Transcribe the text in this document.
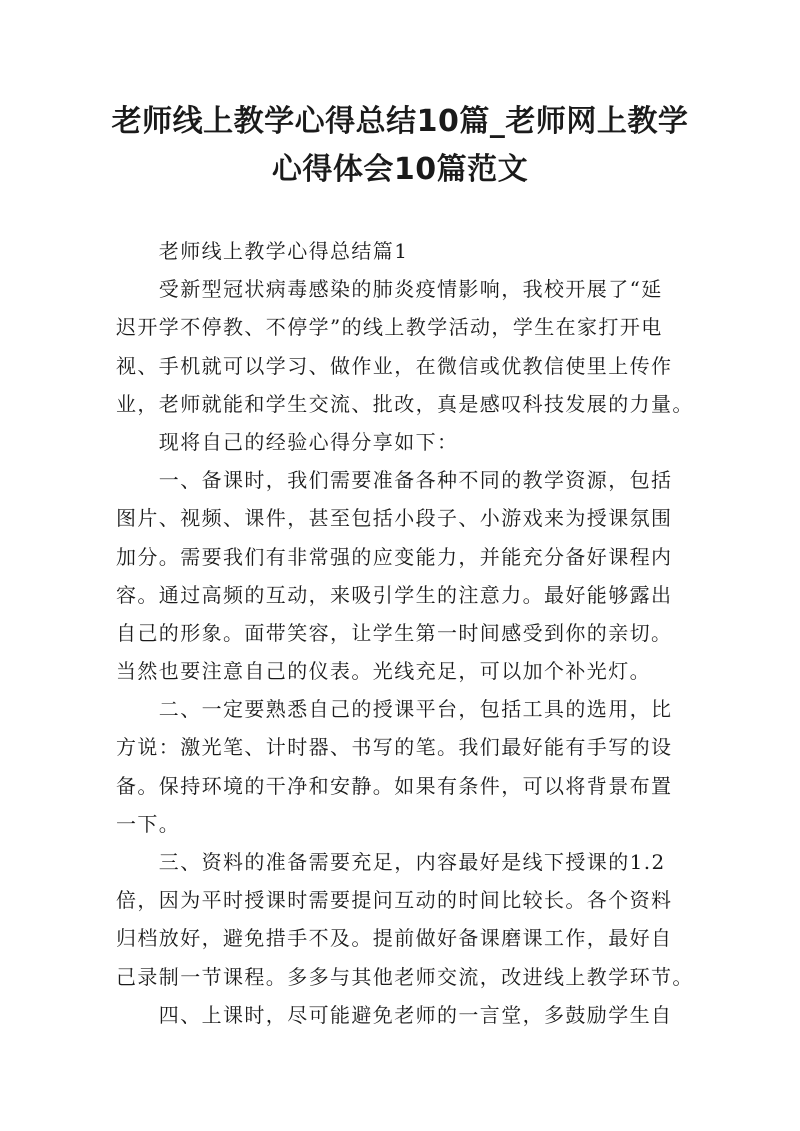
老师线上教学心得总结10篇_老师网上教学
心得体会10篇范文
　　老师线上教学心得总结篇1
　　受新型冠状病毒感染的肺炎疫情影响，我校开展了“延
迟开学不停教、不停学”的线上教学活动，学生在家打开电
视、手机就可以学习、做作业，在微信或优教信使里上传作
业，老师就能和学生交流、批改，真是感叹科技发展的力量。
　　现将自己的经验心得分享如下：
　　一、备课时，我们需要准备各种不同的教学资源，包括
图片、视频、课件，甚至包括小段子、小游戏来为授课氛围
加分。需要我们有非常强的应变能力，并能充分备好课程内
容。通过高频的互动，来吸引学生的注意力。最好能够露出
自己的形象。面带笑容，让学生第一时间感受到你的亲切。
当然也要注意自己的仪表。光线充足，可以加个补光灯。
　　二、一定要熟悉自己的授课平台，包括工具的选用，比
方说：激光笔、计时器、书写的笔。我们最好能有手写的设
备。保持环境的干净和安静。如果有条件，可以将背景布置
一下。
　　三、资料的准备需要充足，内容最好是线下授课的1.2
倍，因为平时授课时需要提问互动的时间比较长。各个资料
归档放好，避免措手不及。提前做好备课磨课工作，最好自
己录制一节课程。多多与其他老师交流，改进线上教学环节。
　　四、上课时，尽可能避免老师的一言堂，多鼓励学生自
